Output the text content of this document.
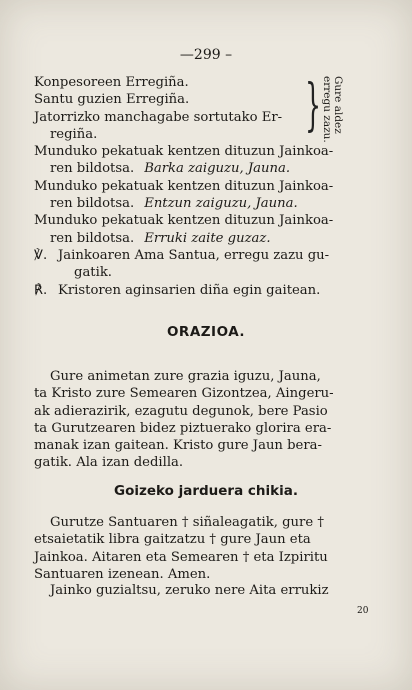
—299 –
Konpesoreen Erregiña.
Santu guzien Erregiña.
Jatorrizko manchagabe sortutako Er-
regiña.
Munduko pekatuak kentzen dituzun Jainkoa-
ren bildotsa. Barka zaiguzu, Jauna.
Munduko pekatuak kentzen dituzun Jainkoa-
ren bildotsa. Entzun zaiguzu, Jauna.
Munduko pekatuak kentzen dituzun Jainkoa-
ren bildotsa. Erruki zaite guzaz.
℣. Jainkoaren Ama Santua, erregu zazu gu-
gatik.
℟. Kristoren aginsarien diña egin gaitean.
}	Gure aldez
erregu zazu.
ORAZIOA.
Gure animetan zure grazia iguzu, Jauna,
ta Kristo zure Semearen Gizontzea, Aingeru-
ak adierazirik, ezagutu degunok, bere Pasio
ta Gurutzearen bidez piztuerako glorira era-
manak izan gaitean. Kristo gure Jaun bera-
gatik. Ala izan dedilla.
Goizeko jarduera chikia.
Gurutze Santuaren † siñaleagatik, gure †
etsaietatik libra gaitzatzu † gure Jaun eta
Jainkoa. Aitaren eta Semearen † eta Izpiritu
Santuaren izenean. Amen.
Jainko guzialtsu, zeruko nere Aita errukiz
20
